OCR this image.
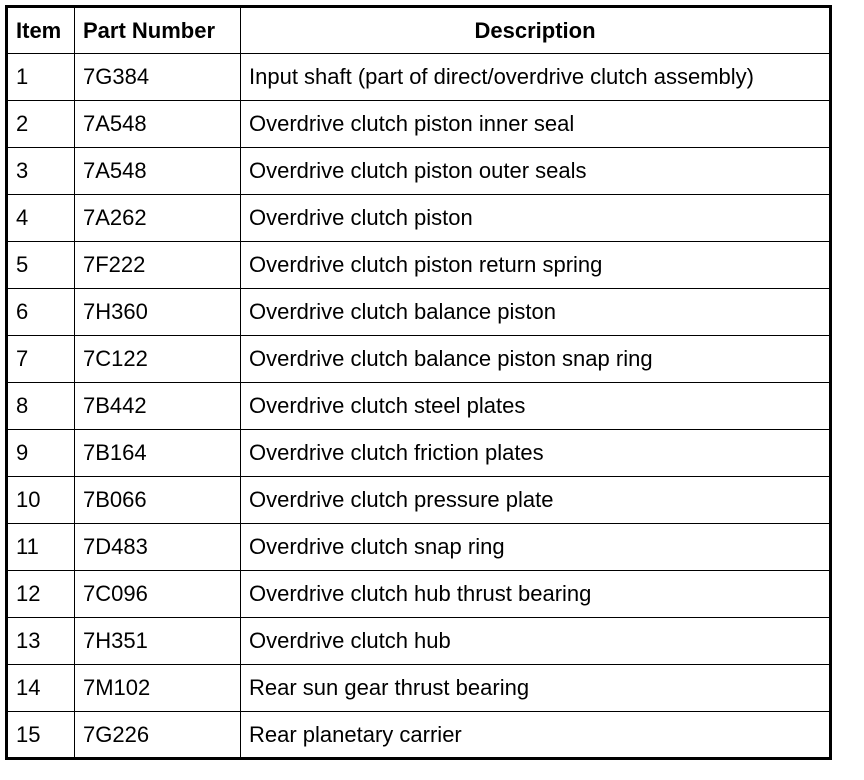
Item	Part Number	Description
1	7G384	Input shaft (part of direct/overdrive clutch assembly)
2	7A548	Overdrive clutch piston inner seal
3	7A548	Overdrive clutch piston outer seals
4	7A262	Overdrive clutch piston
5	7F222	Overdrive clutch piston return spring
6	7H360	Overdrive clutch balance piston
7	7C122	Overdrive clutch balance piston snap ring
8	7B442	Overdrive clutch steel plates
9	7B164	Overdrive clutch friction plates
10	7B066	Overdrive clutch pressure plate
11	7D483	Overdrive clutch snap ring
12	7C096	Overdrive clutch hub thrust bearing
13	7H351	Overdrive clutch hub
14	7M102	Rear sun gear thrust bearing
15	7G226	Rear planetary carrier
